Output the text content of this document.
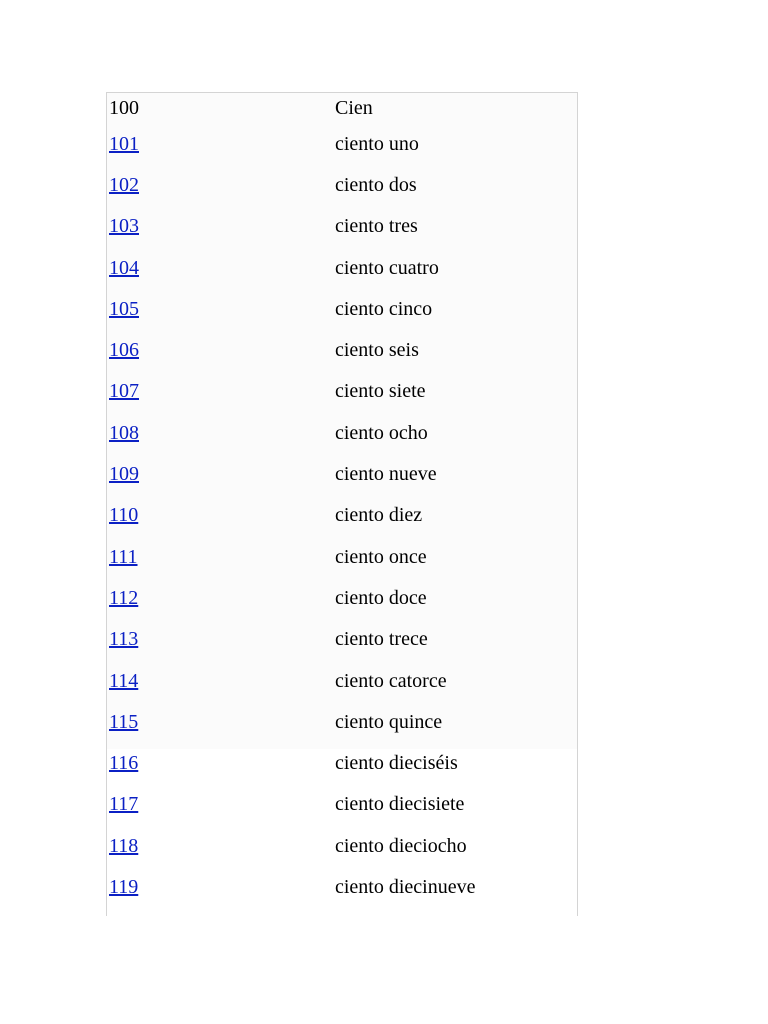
100	Cien
101	ciento uno
102	ciento dos
103	ciento tres
104	ciento cuatro
105	ciento cinco
106	ciento seis
107	ciento siete
108	ciento ocho
109	ciento nueve
110	ciento diez
111	ciento once
112	ciento doce
113	ciento trece
114	ciento catorce
115	ciento quince
116	ciento dieciséis
117	ciento diecisiete
118	ciento dieciocho
119	ciento diecinueve
